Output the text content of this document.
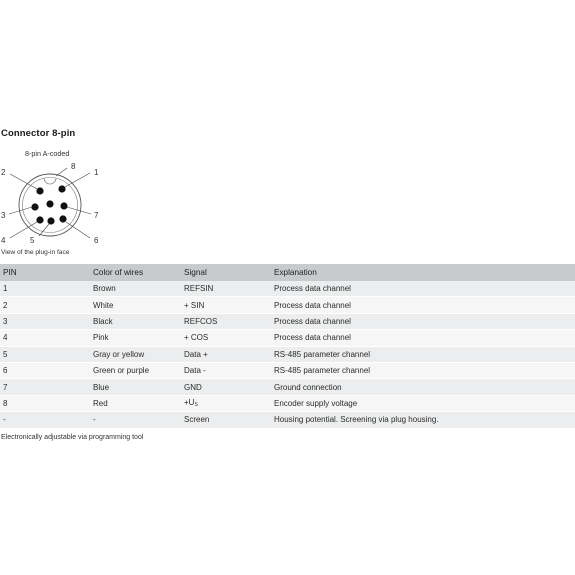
Connector 8-pin
8-pin A-coded
1
2
3
4	5	6
7
8
View of the plug-in face
PIN	Color of wires	Signal	Explanation
1	Brown	REFSIN	Process data channel
2	White	+ SIN	Process data channel
3	Black	REFCOS	Process data channel
4	Pink	+ COS	Process data channel
5	Gray or yellow	Data +	RS-485 parameter channel
6	Green or purple	Data -	RS-485 parameter channel
7	Blue	GND	Ground connection
8	Red	$+U_S$	Encoder supply voltage
-	-	Screen	Housing potential. Screening via plug housing.
Electronically adjustable via programming tool
